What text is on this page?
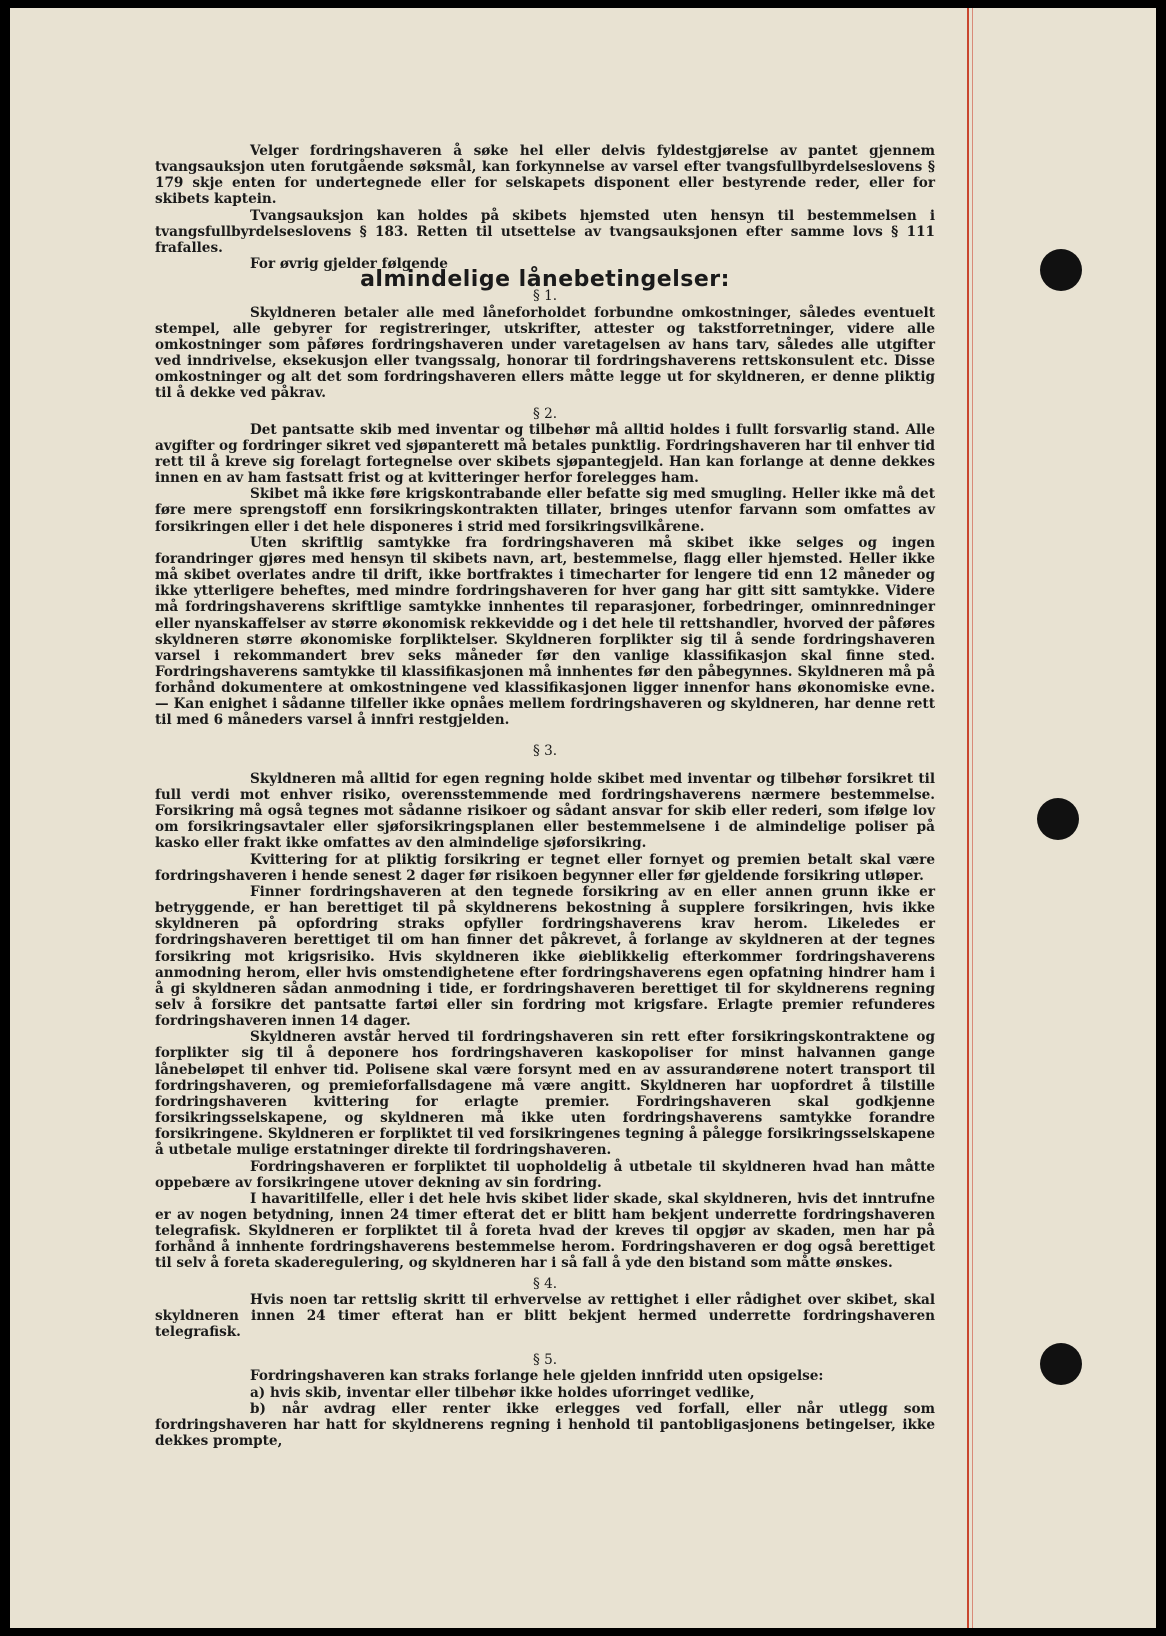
Velger fordringshaveren å søke hel eller delvis fyldestgjørelse av pantet gjennem tvangsauksjon uten forutgående søksmål, kan forkynnelse av varsel efter tvangsfullbyrdelseslovens § 179 skje enten for undertegnede eller for selskapets disponent eller bestyrende reder, eller for skibets kaptein.

Tvangsauksjon kan holdes på skibets hjemsted uten hensyn til bestemmelsen i tvangsfullbyrdelseslovens § 183. Retten til utsettelse av tvangsauksjonen efter samme lovs § 111 frafalles.

For øvrig gjelder følgende

almindelige lånebetingelser:

§ 1.

Skyldneren betaler alle med låneforholdet forbundne omkostninger, således eventuelt stempel, alle gebyrer for registreringer, utskrifter, attester og takstforretninger, videre alle omkostninger som påføres fordringshaveren under varetagelsen av hans tarv, således alle utgifter ved inndrivelse, eksekusjon eller tvangssalg, honorar til fordringshaverens rettskonsulent etc. Disse omkostninger og alt det som fordringshaveren ellers måtte legge ut for skyldneren, er denne pliktig til å dekke ved påkrav.

§ 2.

Det pantsatte skib med inventar og tilbehør må alltid holdes i fullt forsvarlig stand. Alle avgifter og fordringer sikret ved sjøpanterett må betales punktlig. Fordringshaveren har til enhver tid rett til å kreve sig forelagt fortegnelse over skibets sjøpantegjeld. Han kan forlange at denne dekkes innen en av ham fastsatt frist og at kvitteringer herfor forelegges ham.

Skibet må ikke føre krigskontrabande eller befatte sig med smugling. Heller ikke må det føre mere sprengstoff enn forsikringskontrakten tillater, bringes utenfor farvann som omfattes av forsikringen eller i det hele disponeres i strid med forsikringsvilkårene.

Uten skriftlig samtykke fra fordringshaveren må skibet ikke selges og ingen forandringer gjøres med hensyn til skibets navn, art, bestemmelse, flagg eller hjemsted. Heller ikke må skibet overlates andre til drift, ikke bortfraktes i timecharter for lengere tid enn 12 måneder og ikke ytterligere beheftes, med mindre fordringshaveren for hver gang har gitt sitt samtykke. Videre må fordringshaverens skriftlige samtykke innhentes til reparasjoner, forbedringer, ominnredninger eller nyanskaffelser av større økonomisk rekkevidde og i det hele til rettshandler, hvorved der påføres skyldneren større økonomiske forpliktelser. Skyldneren forplikter sig til å sende fordringshaveren varsel i rekommandert brev seks måneder før den vanlige klassifikasjon skal finne sted. Fordringshaverens samtykke til klassifikasjonen må innhentes før den påbegynnes. Skyldneren må på forhånd dokumentere at omkostningene ved klassifikasjonen ligger innenfor hans økonomiske evne. — Kan enighet i sådanne tilfeller ikke opnåes mellem fordringshaveren og skyldneren, har denne rett til med 6 måneders varsel å innfri restgjelden.

§ 3.

Skyldneren må alltid for egen regning holde skibet med inventar og tilbehør forsikret til full verdi mot enhver risiko, overensstemmende med fordringshaverens nærmere bestemmelse. Forsikring må også tegnes mot sådanne risikoer og sådant ansvar for skib eller rederi, som ifølge lov om forsikringsavtaler eller sjøforsikringsplanen eller bestemmelsene i de almindelige poliser på kasko eller frakt ikke omfattes av den almindelige sjøforsikring.

Kvittering for at pliktig forsikring er tegnet eller fornyet og premien betalt skal være fordringshaveren i hende senest 2 dager før risikoen begynner eller før gjeldende forsikring utløper.

Finner fordringshaveren at den tegnede forsikring av en eller annen grunn ikke er betryggende, er han berettiget til på skyldnerens bekostning å supplere forsikringen, hvis ikke skyldneren på opfordring straks opfyller fordringshaverens krav herom. Likeledes er fordringshaveren berettiget til om han finner det påkrevet, å forlange av skyldneren at der tegnes forsikring mot krigsrisiko. Hvis skyldneren ikke øieblikkelig efterkommer fordringshaverens anmodning herom, eller hvis omstendighetene efter fordringshaverens egen opfatning hindrer ham i å gi skyldneren sådan anmodning i tide, er fordringshaveren berettiget til for skyldnerens regning selv å forsikre det pantsatte fartøi eller sin fordring mot krigsfare. Erlagte premier refunderes fordringshaveren innen 14 dager.

Skyldneren avstår herved til fordringshaveren sin rett efter forsikringskontraktene og forplikter sig til å deponere hos fordringshaveren kaskopoliser for minst halvannen gange lånebeløpet til enhver tid. Polisene skal være forsynt med en av assurandørene notert transport til fordringshaveren, og premieforfallsdagene må være angitt. Skyldneren har uopfordret å tilstille fordringshaveren kvittering for erlagte premier. Fordringshaveren skal godkjenne forsikringsselskapene, og skyldneren må ikke uten fordringshaverens samtykke forandre forsikringene. Skyldneren er forpliktet til ved forsikringenes tegning å pålegge forsikringsselskapene å utbetale mulige erstatninger direkte til fordringshaveren.

Fordringshaveren er forpliktet til uopholdelig å utbetale til skyldneren hvad han måtte oppebære av forsikringene utover dekning av sin fordring.

I havaritilfelle, eller i det hele hvis skibet lider skade, skal skyldneren, hvis det inntrufne er av nogen betydning, innen 24 timer efterat det er blitt ham bekjent underrette fordringshaveren telegrafisk. Skyldneren er forpliktet til å foreta hvad der kreves til opgjør av skaden, men har på forhånd å innhente fordringshaverens bestemmelse herom. Fordringshaveren er dog også berettiget til selv å foreta skaderegulering, og skyldneren har i så fall å yde den bistand som måtte ønskes.

§ 4.

Hvis noen tar rettslig skritt til erhvervelse av rettighet i eller rådighet over skibet, skal skyldneren innen 24 timer efterat han er blitt bekjent hermed underrette fordringshaveren telegrafisk.

§ 5.

Fordringshaveren kan straks forlange hele gjelden innfridd uten opsigelse:

a) hvis skib, inventar eller tilbehør ikke holdes uforringet vedlike,

b) når avdrag eller renter ikke erlegges ved forfall, eller når utlegg som fordringshaveren har hatt for skyldnerens regning i henhold til pantobligasjonens betingelser, ikke dekkes prompte,
